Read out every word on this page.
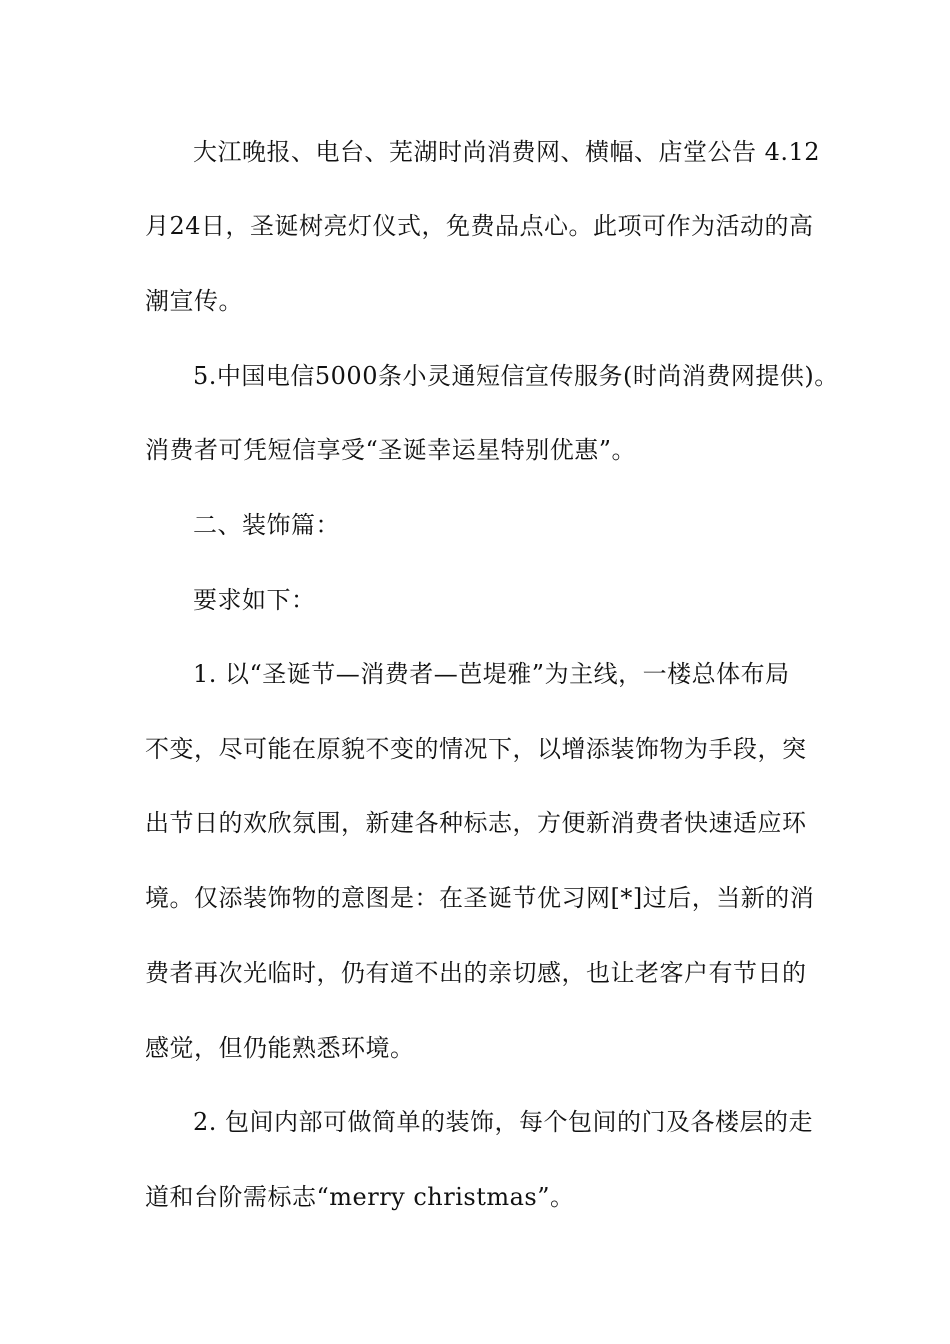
大江晚报、电台、芜湖时尚消费网、横幅、店堂公告 4.12
月24日，圣诞树亮灯仪式，免费品点心。此项可作为活动的高
潮宣传。
5.中国电信5000条小灵通短信宣传服务(时尚消费网提供)。
消费者可凭短信享受“圣诞幸运星特别优惠”。
二、装饰篇：
要求如下：
1. 以“圣诞节—消费者—芭堤雅”为主线，一楼总体布局
不变，尽可能在原貌不变的情况下，以增添装饰物为手段，突
出节日的欢欣氛围，新建各种标志，方便新消费者快速适应环
境。仅添装饰物的意图是：在圣诞节优习网[*]过后，当新的消
费者再次光临时，仍有道不出的亲切感，也让老客户有节日的
感觉，但仍能熟悉环境。
2. 包间内部可做简单的装饰，每个包间的门及各楼层的走
道和台阶需标志“merry christmas”。
